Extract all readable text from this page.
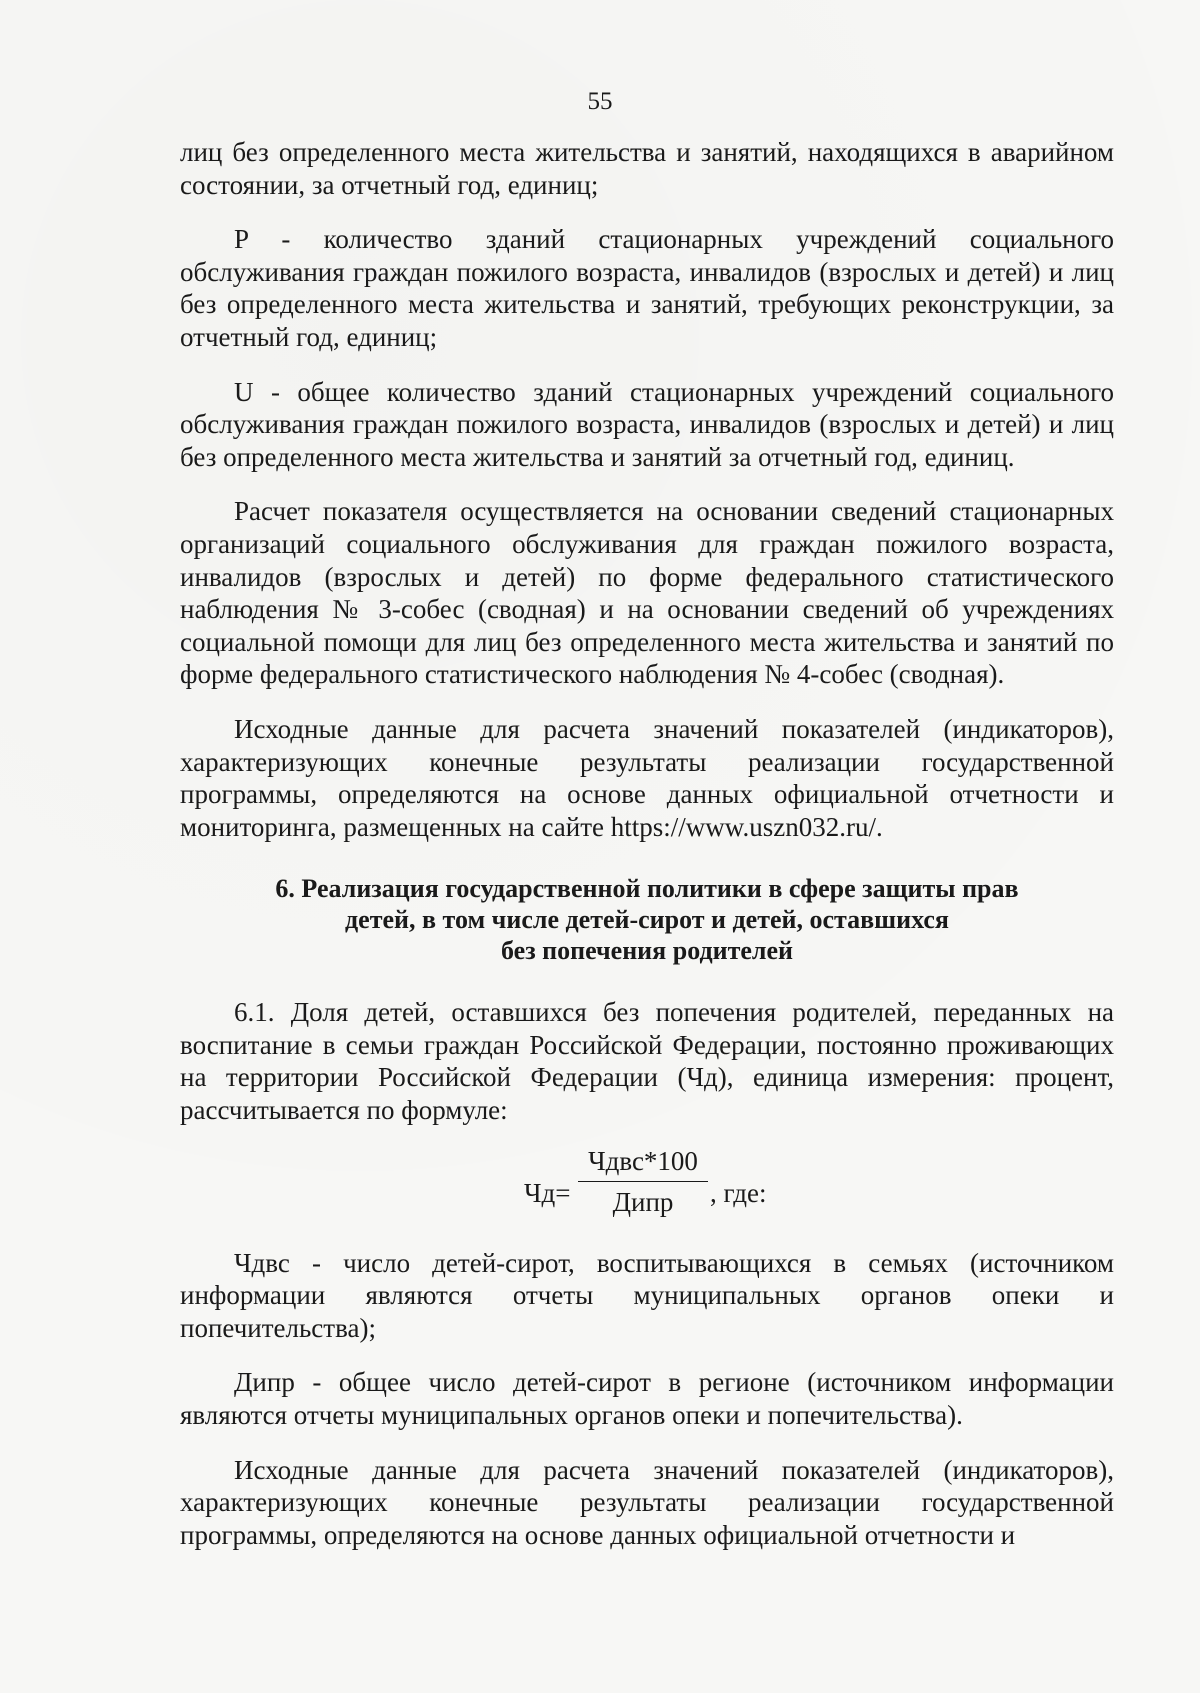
55

лиц без определенного места жительства и занятий, находящихся в аварийном состоянии, за отчетный год, единиц;

P - количество зданий стационарных учреждений социального обслуживания граждан пожилого возраста, инвалидов (взрослых и детей) и лиц без определенного места жительства и занятий, требующих реконструкции, за отчетный год, единиц;

U - общее количество зданий стационарных учреждений социального обслуживания граждан пожилого возраста, инвалидов (взрослых и детей) и лиц без определенного места жительства и занятий за отчетный год, единиц.

Расчет показателя осуществляется на основании сведений стационарных организаций социального обслуживания для граждан пожилого возраста, инвалидов (взрослых и детей) по форме федерального статистического наблюдения № 3-собес (сводная) и на основании сведений об учреждениях социальной помощи для лиц без определенного места жительства и занятий по форме федерального статистического наблюдения № 4-собес (сводная).

Исходные данные для расчета значений показателей (индикаторов), характеризующих конечные результаты реализации государственной программы, определяются на основе данных официальной отчетности и мониторинга, размещенных на сайте https://www.uszn032.ru/.

6. Реализация государственной политики в сфере защиты прав
детей, в том числе детей-сирот и детей, оставшихся
без попечения родителей

6.1. Доля детей, оставшихся без попечения родителей, переданных на воспитание в семьи граждан Российской Федерации, постоянно проживающих на территории Российской Федерации (Чд), единица измерения: процент, рассчитывается по формуле:

Чд=
Чдвс*100
Дипр	, где:

Чдвс - число детей-сирот, воспитывающихся в семьях (источником информации являются отчеты муниципальных органов опеки и попечительства);

Дипр - общее число детей-сирот в регионе (источником информации являются отчеты муниципальных органов опеки и попечительства).

Исходные данные для расчета значений показателей (индикаторов), характеризующих конечные результаты реализации государственной программы, определяются на основе данных официальной отчетности и
